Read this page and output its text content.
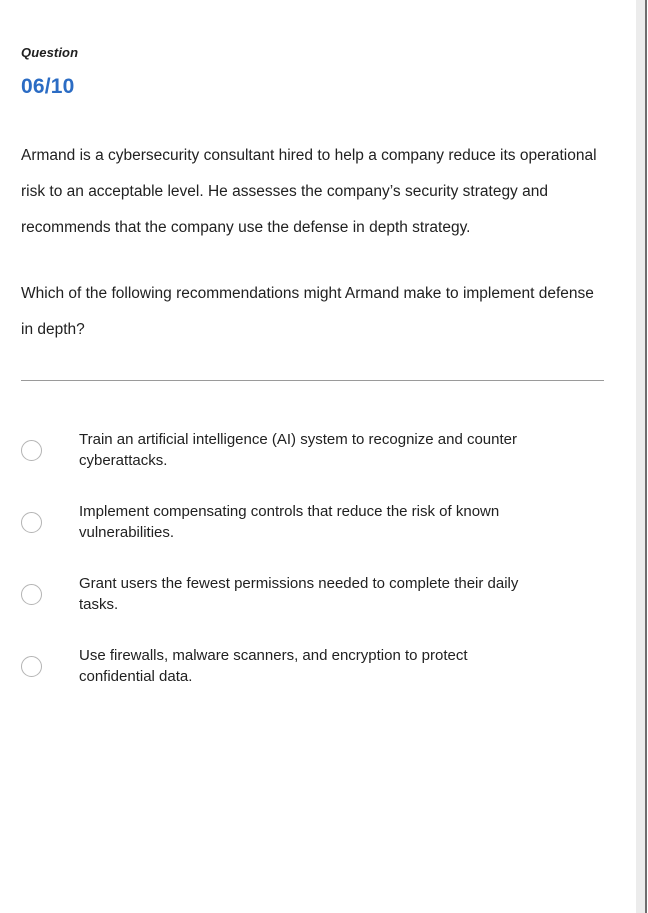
Question
06/10

Armand is a cybersecurity consultant hired to help a company reduce its operational risk to an acceptable level. He assesses the company’s security strategy and recommends that the company use the defense in depth strategy.

Which of the following recommendations might Armand make to implement defense in depth?

Train an artificial intelligence (AI) system to recognize and counter cyberattacks.
Implement compensating controls that reduce the risk of known vulnerabilities.
Grant users the fewest permissions needed to complete their daily tasks.
Use firewalls, malware scanners, and encryption to protect confidential data.
